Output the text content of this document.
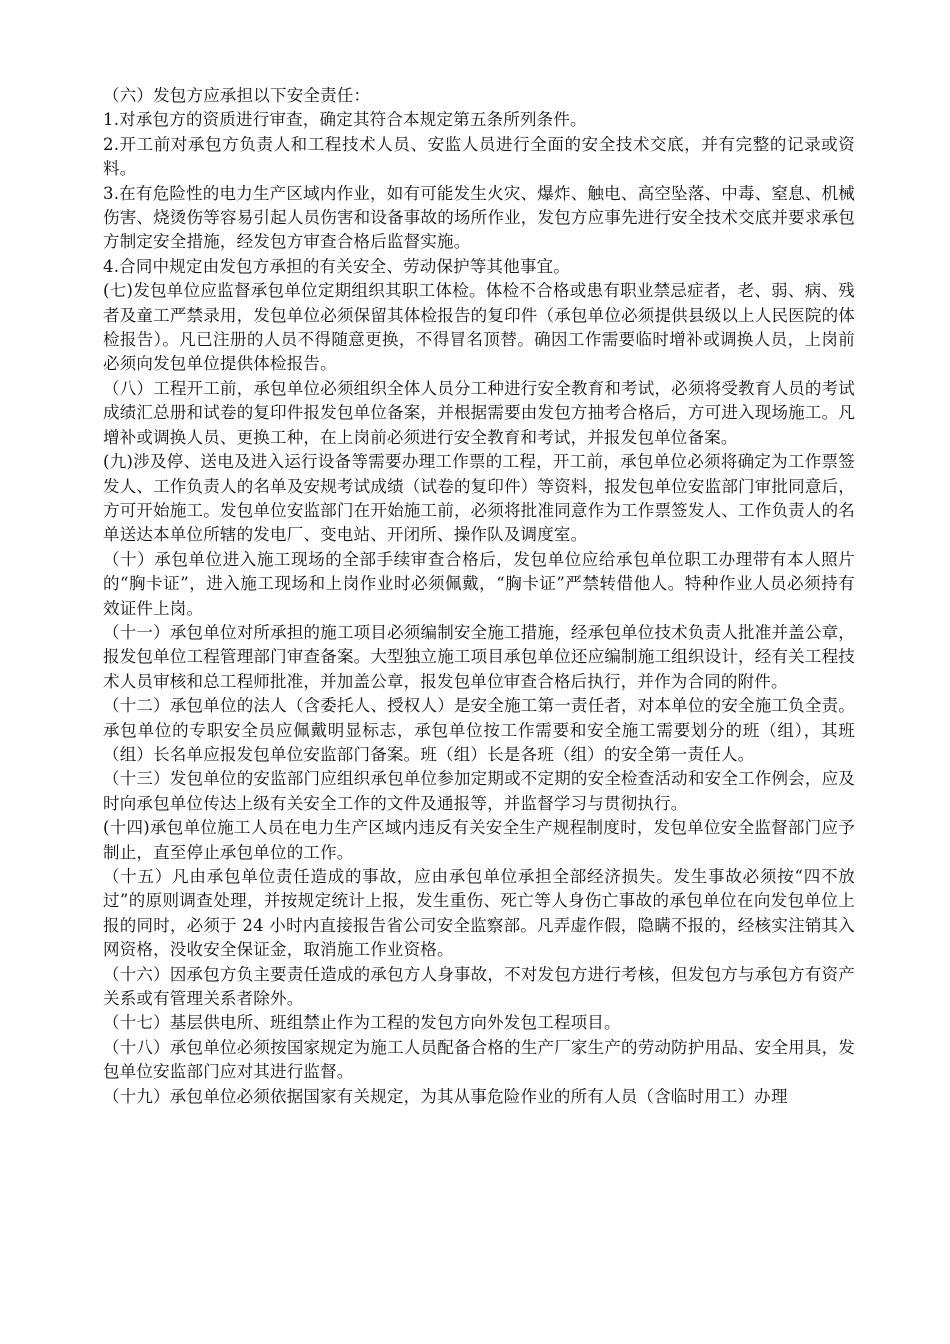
（六）发包方应承担以下安全责任：

1.对承包方的资质进行审查，确定其符合本规定第五条所列条件。

2.开工前对承包方负责人和工程技术人员、安监人员进行全面的安全技术交底，并有完整的记录或资料。

3.在有危险性的电力生产区域内作业，如有可能发生火灾、爆炸、触电、高空坠落、中毒、窒息、机械伤害、烧烫伤等容易引起人员伤害和设备事故的场所作业，发包方应事先进行安全技术交底并要求承包方制定安全措施，经发包方审查合格后监督实施。

4.合同中规定由发包方承担的有关安全、劳动保护等其他事宜。

(七)发包单位应监督承包单位定期组织其职工体检。体检不合格或患有职业禁忌症者，老、弱、病、残者及童工严禁录用，发包单位必须保留其体检报告的复印件（承包单位必须提供县级以上人民医院的体检报告）。凡已注册的人员不得随意更换，不得冒名顶替。确因工作需要临时增补或调换人员，上岗前必须向发包单位提供体检报告。

（八）工程开工前，承包单位必须组织全体人员分工种进行安全教育和考试，必须将受教育人员的考试成绩汇总册和试卷的复印件报发包单位备案，并根据需要由发包方抽考合格后，方可进入现场施工。凡增补或调换人员、更换工种，在上岗前必须进行安全教育和考试，并报发包单位备案。

(九)涉及停、送电及进入运行设备等需要办理工作票的工程，开工前，承包单位必须将确定为工作票签发人、工作负责人的名单及安规考试成绩（试卷的复印件）等资料，报发包单位安监部门审批同意后，方可开始施工。发包单位安监部门在开始施工前，必须将批准同意作为工作票签发人、工作负责人的名单送达本单位所辖的发电厂、变电站、开闭所、操作队及调度室。

（十）承包单位进入施工现场的全部手续审查合格后，发包单位应给承包单位职工办理带有本人照片的“胸卡证”，进入施工现场和上岗作业时必须佩戴，“胸卡证”严禁转借他人。特种作业人员必须持有效证件上岗。

（十一）承包单位对所承担的施工项目必须编制安全施工措施，经承包单位技术负责人批准并盖公章，报发包单位工程管理部门审查备案。大型独立施工项目承包单位还应编制施工组织设计，经有关工程技术人员审核和总工程师批准，并加盖公章，报发包单位审查合格后执行，并作为合同的附件。

（十二）承包单位的法人（含委托人、授权人）是安全施工第一责任者，对本单位的安全施工负全责。承包单位的专职安全员应佩戴明显标志，承包单位按工作需要和安全施工需要划分的班（组），其班（组）长名单应报发包单位安监部门备案。班（组）长是各班（组）的安全第一责任人。

（十三）发包单位的安监部门应组织承包单位参加定期或不定期的安全检查活动和安全工作例会，应及时向承包单位传达上级有关安全工作的文件及通报等，并监督学习与贯彻执行。

(十四)承包单位施工人员在电力生产区域内违反有关安全生产规程制度时，发包单位安全监督部门应予制止，直至停止承包单位的工作。

（十五）凡由承包单位责任造成的事故，应由承包单位承担全部经济损失。发生事故必须按“四不放过”的原则调查处理，并按规定统计上报，发生重伤、死亡等人身伤亡事故的承包单位在向发包单位上报的同时，必须于 24 小时内直接报告省公司安全监察部。凡弄虚作假，隐瞒不报的，经核实注销其入网资格，没收安全保证金，取消施工作业资格。

（十六）因承包方负主要责任造成的承包方人身事故，不对发包方进行考核，但发包方与承包方有资产关系或有管理关系者除外。

（十七）基层供电所、班组禁止作为工程的发包方向外发包工程项目。

（十八）承包单位必须按国家规定为施工人员配备合格的生产厂家生产的劳动防护用品、安全用具，发包单位安监部门应对其进行监督。

（十九）承包单位必须依据国家有关规定，为其从事危险作业的所有人员（含临时用工）办理
